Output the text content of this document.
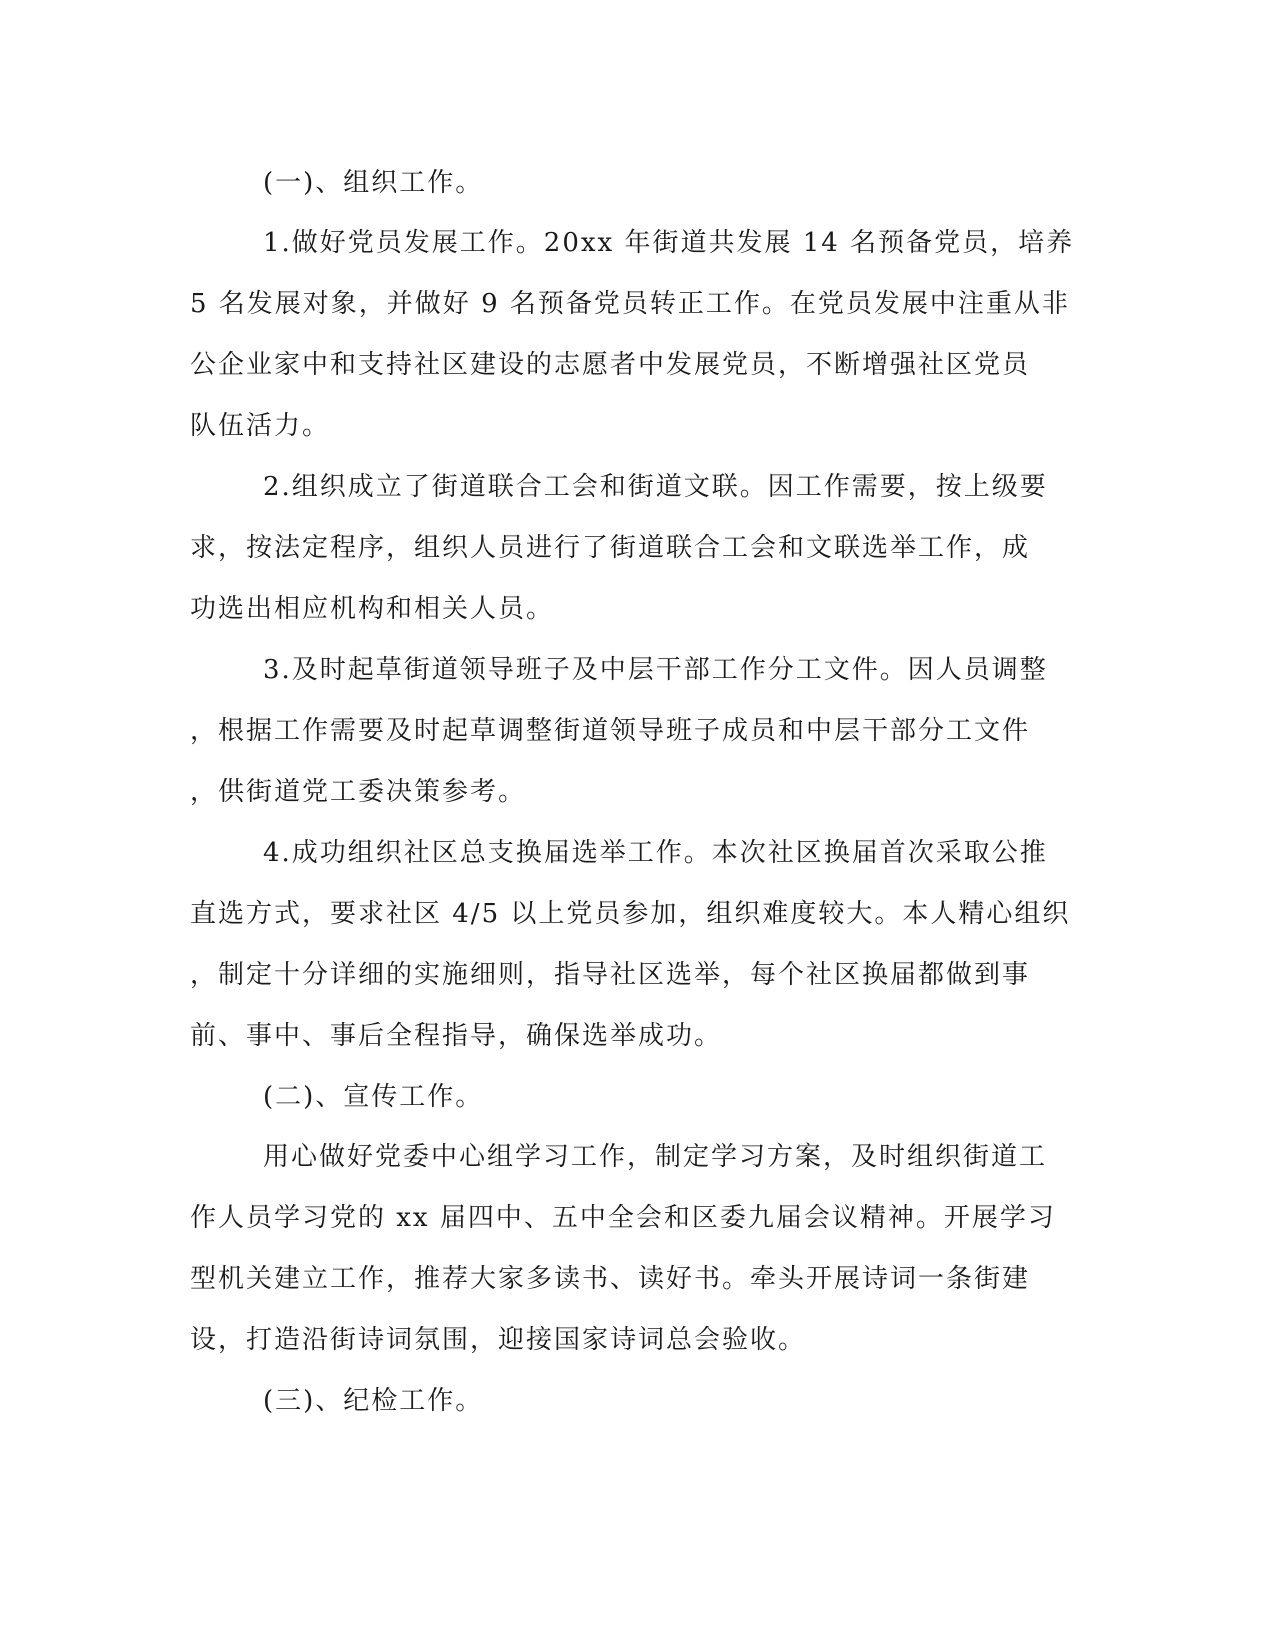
(一)、组织工作。
1.做好党员发展工作。20xx 年街道共发展 14 名预备党员，培养
5 名发展对象，并做好 9 名预备党员转正工作。在党员发展中注重从非
公企业家中和支持社区建设的志愿者中发展党员，不断增强社区党员
队伍活力。
2.组织成立了街道联合工会和街道文联。因工作需要，按上级要
求，按法定程序，组织人员进行了街道联合工会和文联选举工作，成
功选出相应机构和相关人员。
3.及时起草街道领导班子及中层干部工作分工文件。因人员调整
，根据工作需要及时起草调整街道领导班子成员和中层干部分工文件
，供街道党工委决策参考。
4.成功组织社区总支换届选举工作。本次社区换届首次采取公推
直选方式，要求社区 4/5 以上党员参加，组织难度较大。本人精心组织
，制定十分详细的实施细则，指导社区选举，每个社区换届都做到事
前、事中、事后全程指导，确保选举成功。
(二)、宣传工作。
用心做好党委中心组学习工作，制定学习方案，及时组织街道工
作人员学习党的 xx 届四中、五中全会和区委九届会议精神。开展学习
型机关建立工作，推荐大家多读书、读好书。牵头开展诗词一条街建
设，打造沿街诗词氛围，迎接国家诗词总会验收。
(三)、纪检工作。
